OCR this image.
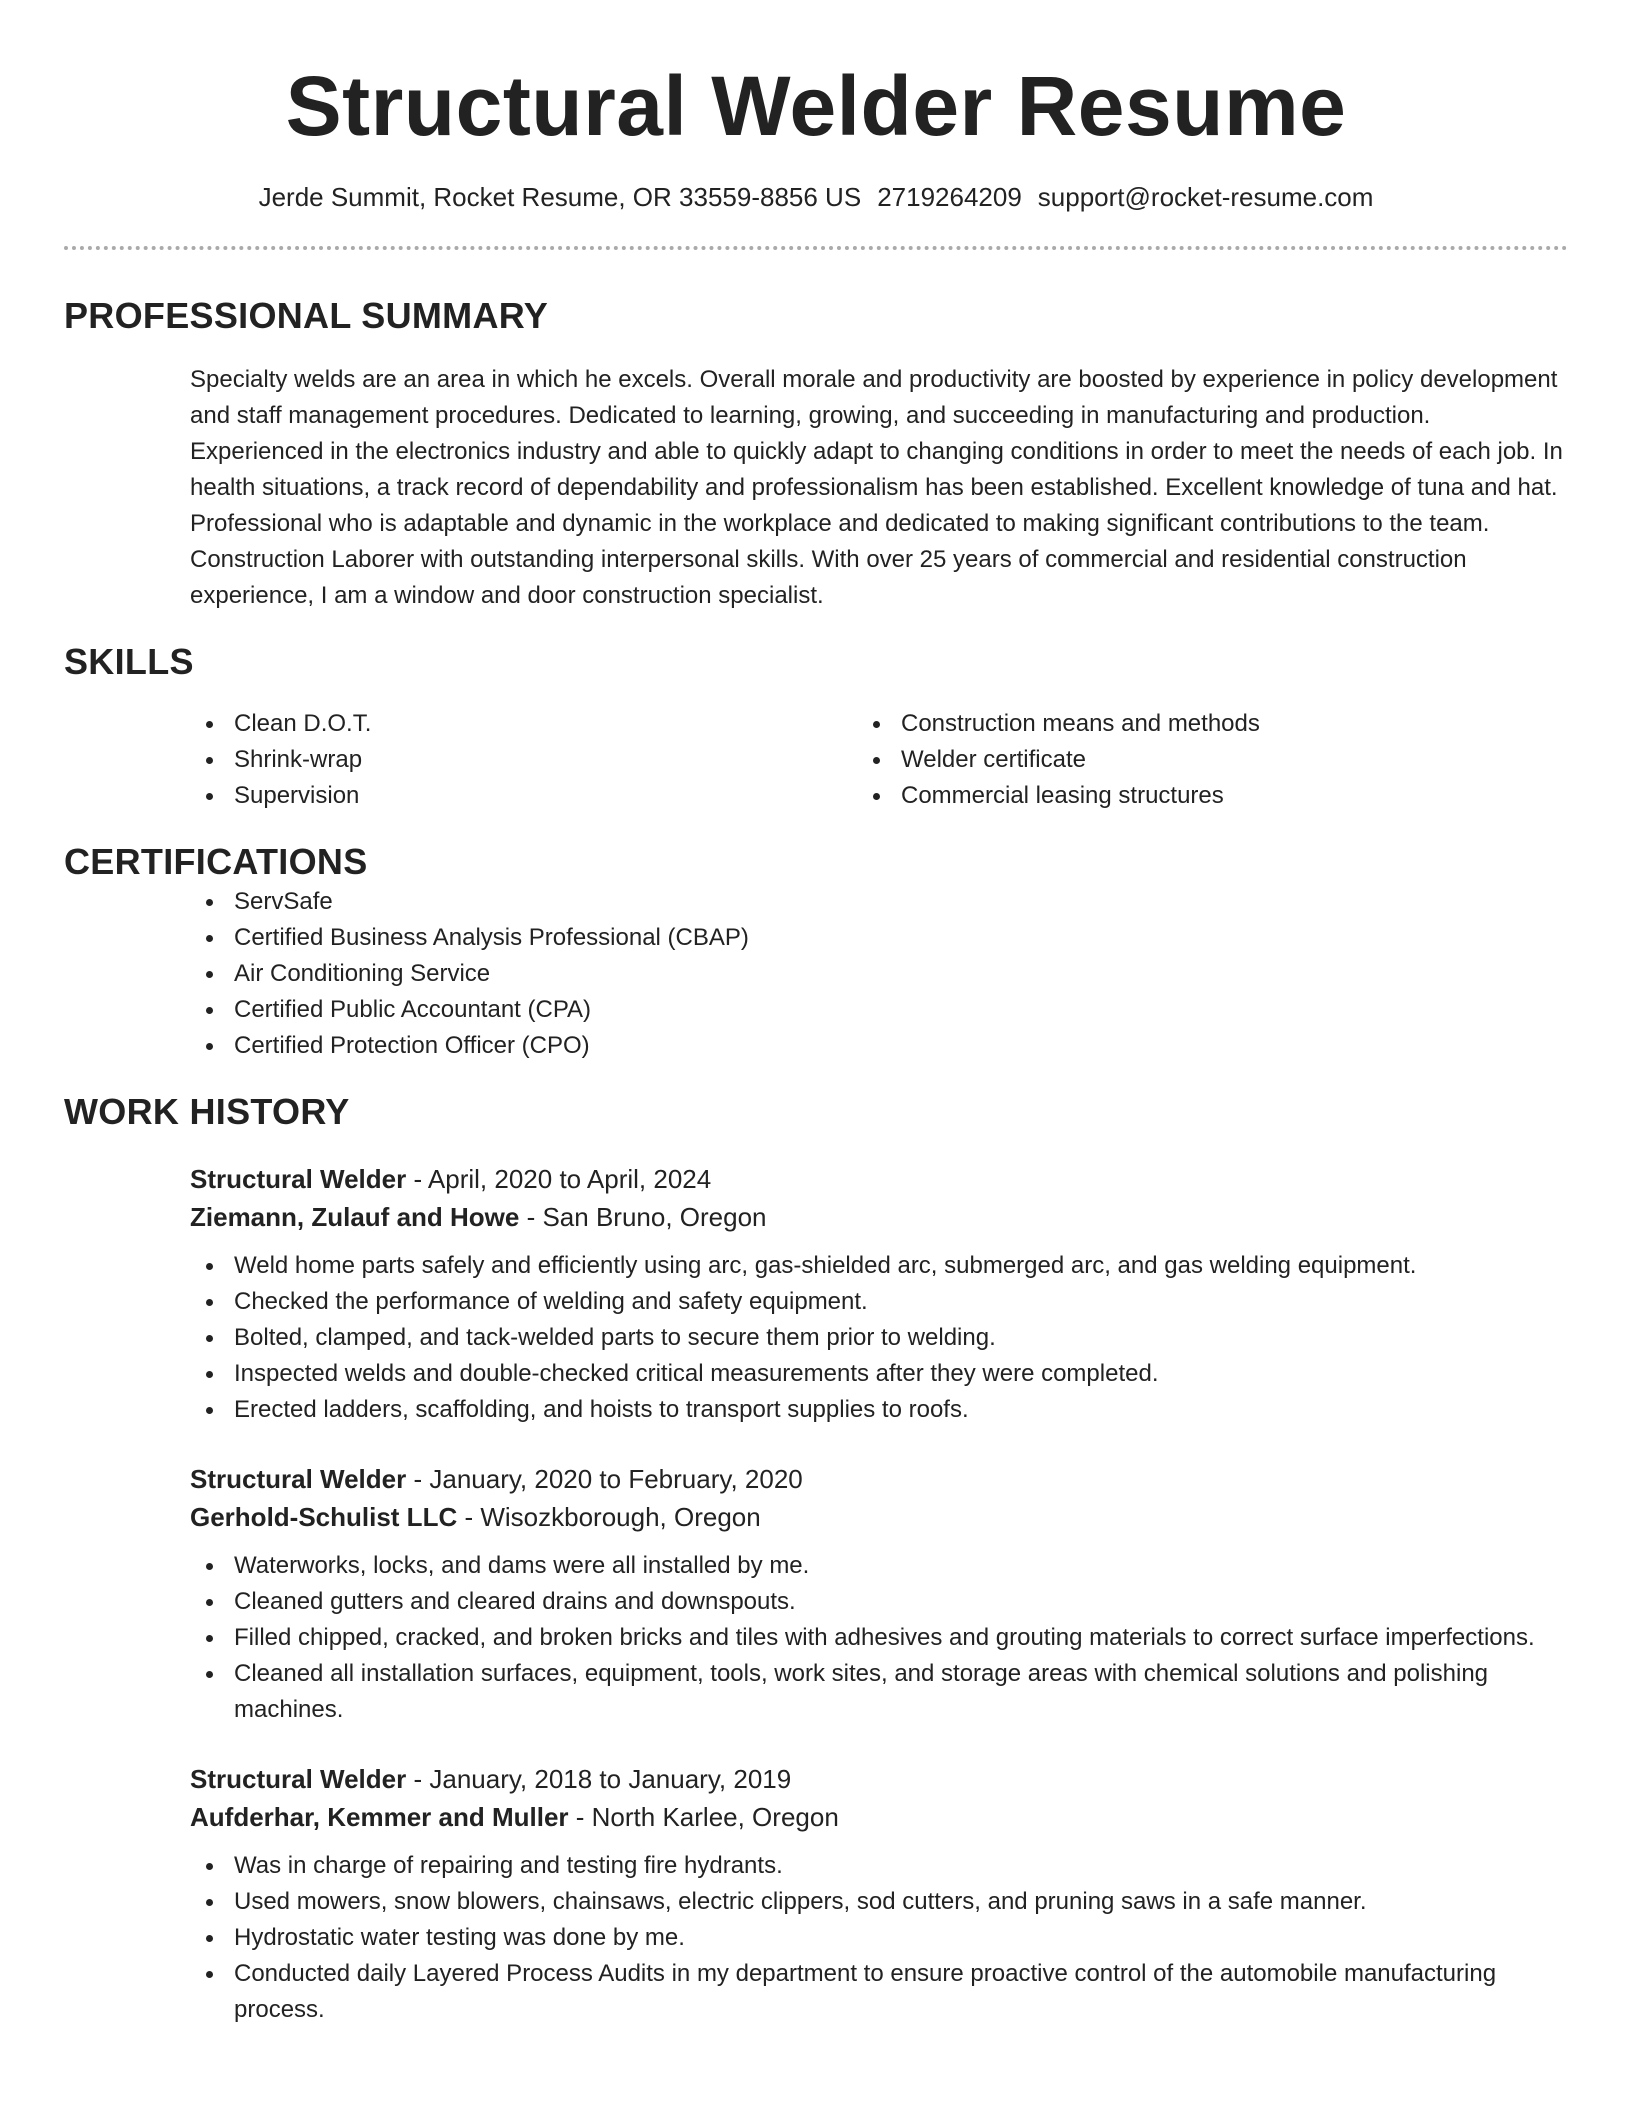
Structural Welder Resume
Jerde Summit, Rocket Resume, OR 33559-8856 US 2719264209 support@rocket-resume.com
PROFESSIONAL SUMMARY

Specialty welds are an area in which he excels. Overall morale and productivity are boosted by experience in policy development and staff management procedures. Dedicated to learning, growing, and succeeding in manufacturing and production. Experienced in the electronics industry and able to quickly adapt to changing conditions in order to meet the needs of each job. In health situations, a track record of dependability and professionalism has been established. Excellent knowledge of tuna and hat. Professional who is adaptable and dynamic in the workplace and dedicated to making significant contributions to the team. Construction Laborer with outstanding interpersonal skills. With over 25 years of commercial and residential construction experience, I am a window and door construction specialist.

SKILLS
Clean D.O.T.
Shrink-wrap
Supervision
Construction means and methods
Welder certificate
Commercial leasing structures
CERTIFICATIONS
ServSafe
Certified Business Analysis Professional (CBAP)
Air Conditioning Service
Certified Public Accountant (CPA)
Certified Protection Officer (CPO)
WORK HISTORY
Structural Welder - April, 2020 to April, 2024
Ziemann, Zulauf and Howe - San Bruno, Oregon
Weld home parts safely and efficiently using arc, gas-shielded arc, submerged arc, and gas welding equipment.
Checked the performance of welding and safety equipment.
Bolted, clamped, and tack-welded parts to secure them prior to welding.
Inspected welds and double-checked critical measurements after they were completed.
Erected ladders, scaffolding, and hoists to transport supplies to roofs.
Structural Welder - January, 2020 to February, 2020
Gerhold-Schulist LLC - Wisozkborough, Oregon
Waterworks, locks, and dams were all installed by me.
Cleaned gutters and cleared drains and downspouts.
Filled chipped, cracked, and broken bricks and tiles with adhesives and grouting materials to correct surface imperfections.
Cleaned all installation surfaces, equipment, tools, work sites, and storage areas with chemical solutions and polishing machines.
Structural Welder - January, 2018 to January, 2019
Aufderhar, Kemmer and Muller - North Karlee, Oregon
Was in charge of repairing and testing fire hydrants.
Used mowers, snow blowers, chainsaws, electric clippers, sod cutters, and pruning saws in a safe manner.
Hydrostatic water testing was done by me.
Conducted daily Layered Process Audits in my department to ensure proactive control of the automobile manufacturing process.
